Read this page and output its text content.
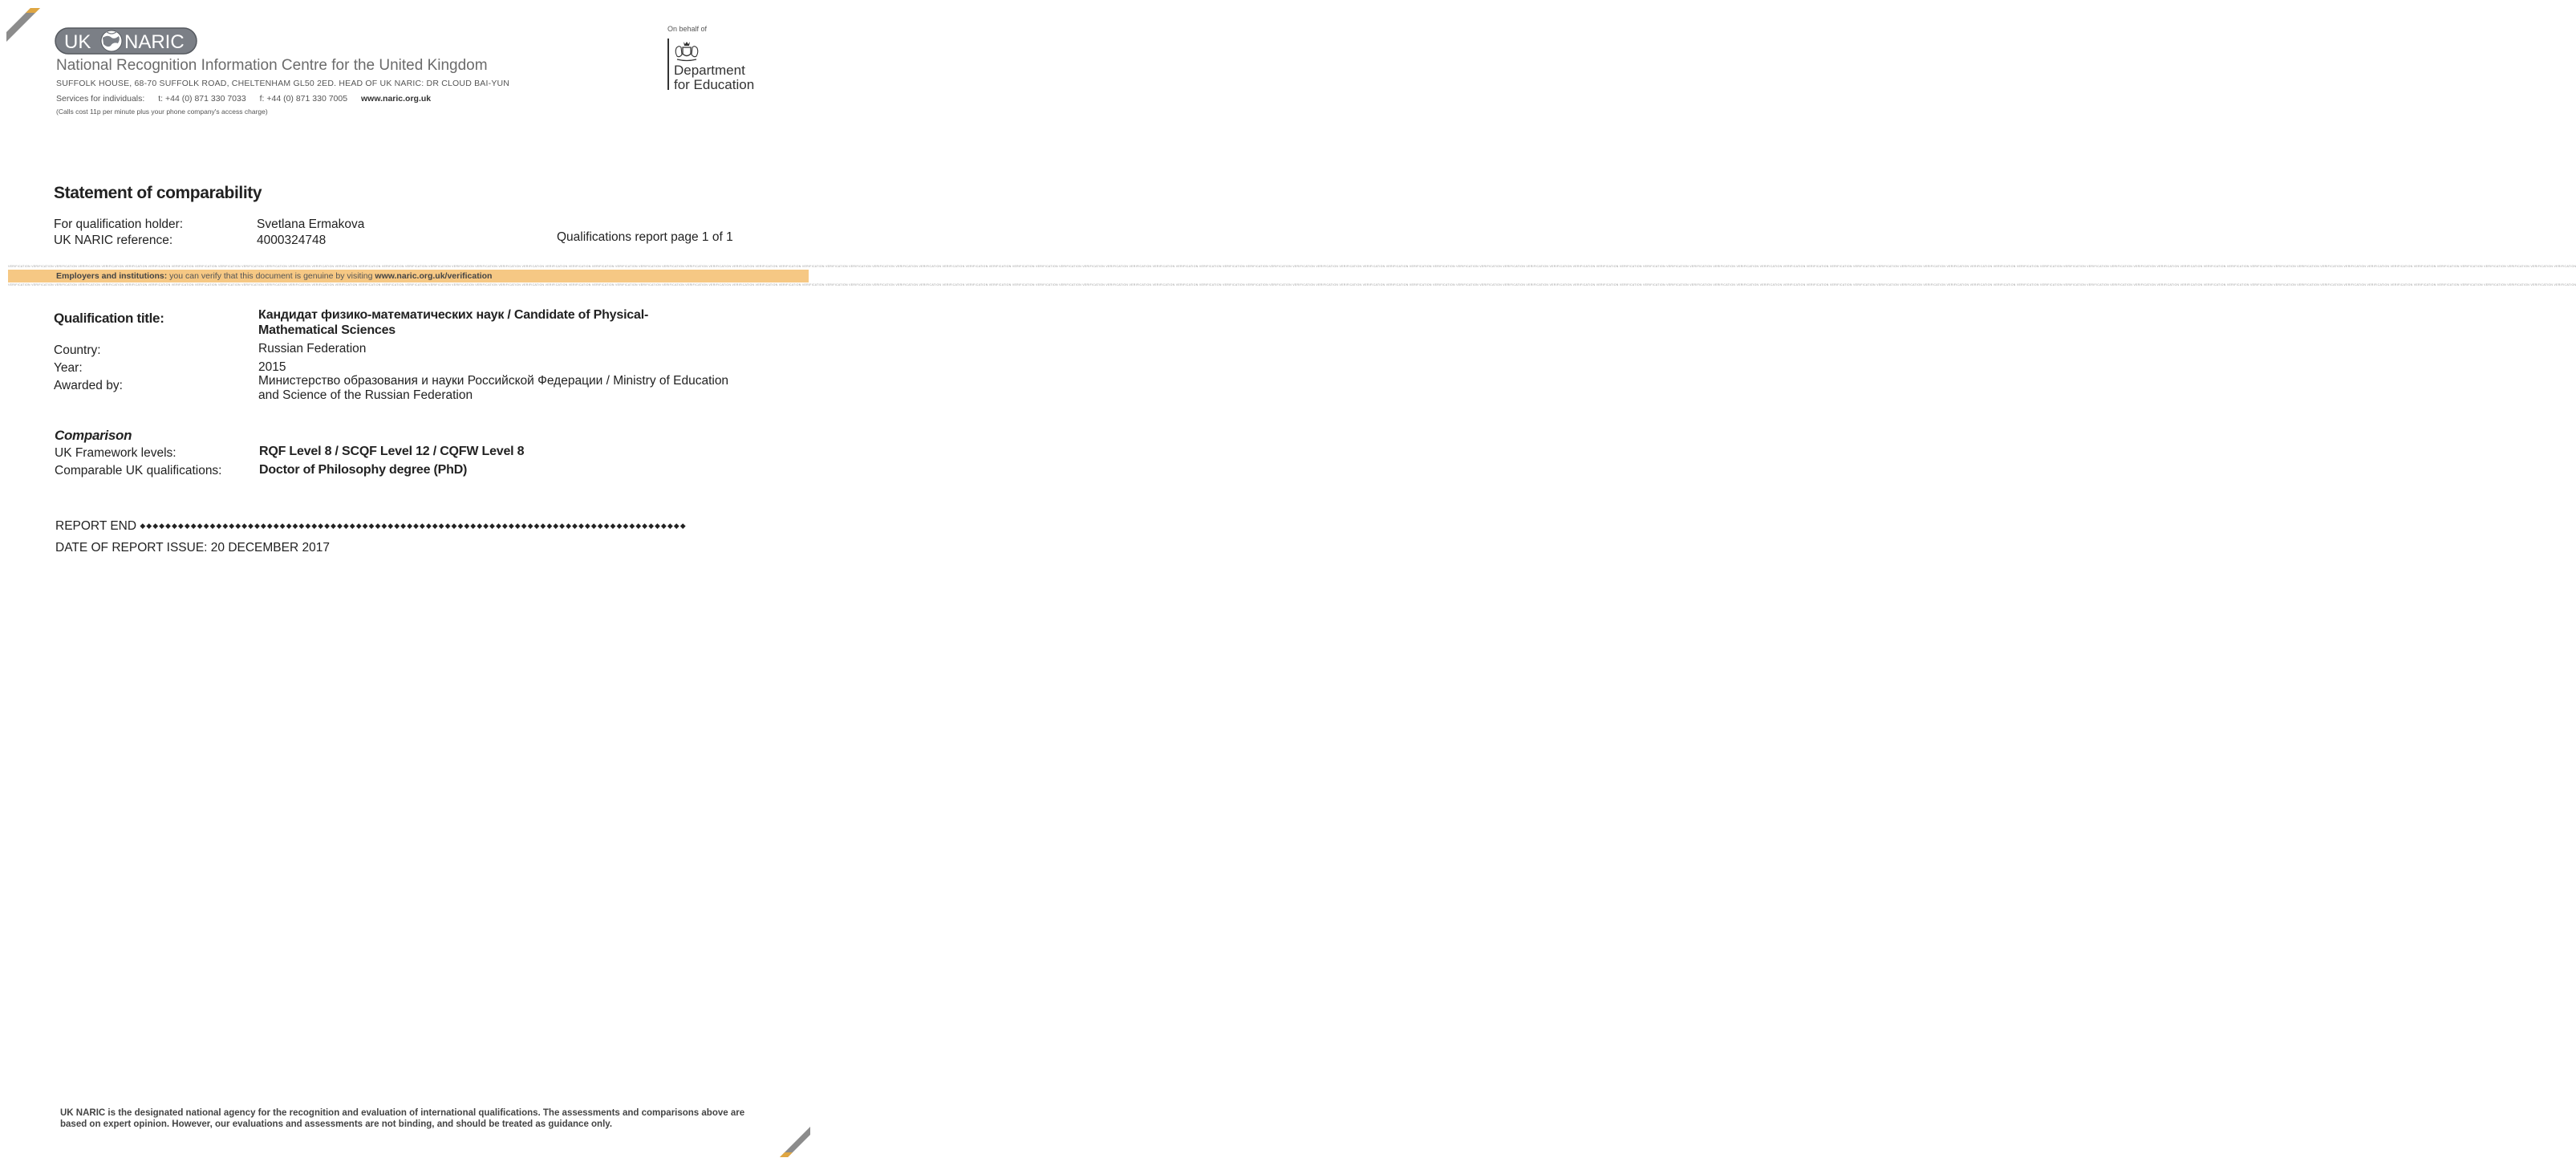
UK NARIC
National Recognition Information Centre for the United Kingdom
SUFFOLK HOUSE, 68-70 SUFFOLK ROAD, CHELTENHAM GL50 2ED. HEAD OF UK NARIC: DR CLOUD BAI-YUN
Services for individuals: t: +44 (0) 871 330 7033 f: +44 (0) 871 330 7005 www.naric.org.uk
(Calls cost 11p per minute plus your phone company's access charge)
On behalf of
Department
for Education
Statement of comparability
For qualification holder:	Svetlana Ermakova
UK NARIC reference:	4000324748	Qualifications report page 1 of 1
VERIFICATION VERIFICATION VERIFICATION VERIFICATION VERIFICATION VERIFICATION VERIFICATION VERIFICATION VERIFICATION VERIFICATION VERIFICATION VERIFICATION VERIFICATION VERIFICATION VERIFICATION VERIFICATION VERIFICATION VERIFICATION VERIFICATION VERIFICATION VERIFICATION VERIFICATION VERIFICATION VERIFICATION VERIFICATION VERIFICATION VERIFICATION VERIFICATION VERIFICATION VERIFICATION VERIFICATION VERIFICATION VERIFICATION VERIFICATION VERIFICATION VERIFICATION VERIFICATION VERIFICATION VERIFICATION VERIFICATION VERIFICATION VERIFICATION VERIFICATION VERIFICATION VERIFICATION VERIFICATION VERIFICATION VERIFICATION VERIFICATION VERIFICATION VERIFICATION VERIFICATION VERIFICATION VERIFICATION VERIFICATION VERIFICATION VERIFICATION VERIFICATION VERIFICATION VERIFICATION VERIFICATION VERIFICATION VERIFICATION VERIFICATION VERIFICATION VERIFICATION VERIFICATION VERIFICATION VERIFICATION VERIFICATION VERIFICATION VERIFICATION VERIFICATION VERIFICATION VERIFICATION VERIFICATION VERIFICATION VERIFICATION VERIFICATION VERIFICATION VERIFICATION VERIFICATION VERIFICATION VERIFICATION VERIFICATION VERIFICATION VERIFICATION VERIFICATION VERIFICATION VERIFICATION VERIFICATION VERIFICATION VERIFICATION VERIFICATION VERIFICATION VERIFICATION VERIFICATION VERIFICATION VERIFICATION VERIFICATION VERIFICATION VERIFICATION VERIFICATION VERIFICATION VERIFICATION VERIFICATION VERIFICATION VERIFICATION VERIFICATION VERIFICATION
Employers and institutions: you can verify that this document is genuine by visiting www.naric.org.uk/verification
VERIFICATION VERIFICATION VERIFICATION VERIFICATION VERIFICATION VERIFICATION VERIFICATION VERIFICATION VERIFICATION VERIFICATION VERIFICATION VERIFICATION VERIFICATION VERIFICATION VERIFICATION VERIFICATION VERIFICATION VERIFICATION VERIFICATION VERIFICATION VERIFICATION VERIFICATION VERIFICATION VERIFICATION VERIFICATION VERIFICATION VERIFICATION VERIFICATION VERIFICATION VERIFICATION VERIFICATION VERIFICATION VERIFICATION VERIFICATION VERIFICATION VERIFICATION VERIFICATION VERIFICATION VERIFICATION VERIFICATION VERIFICATION VERIFICATION VERIFICATION VERIFICATION VERIFICATION VERIFICATION VERIFICATION VERIFICATION VERIFICATION VERIFICATION VERIFICATION VERIFICATION VERIFICATION VERIFICATION VERIFICATION VERIFICATION VERIFICATION VERIFICATION VERIFICATION VERIFICATION VERIFICATION VERIFICATION VERIFICATION VERIFICATION VERIFICATION VERIFICATION VERIFICATION VERIFICATION VERIFICATION VERIFICATION VERIFICATION VERIFICATION VERIFICATION VERIFICATION VERIFICATION VERIFICATION VERIFICATION VERIFICATION VERIFICATION VERIFICATION VERIFICATION VERIFICATION VERIFICATION VERIFICATION VERIFICATION VERIFICATION VERIFICATION VERIFICATION VERIFICATION VERIFICATION VERIFICATION VERIFICATION VERIFICATION VERIFICATION VERIFICATION VERIFICATION VERIFICATION VERIFICATION VERIFICATION VERIFICATION VERIFICATION VERIFICATION VERIFICATION VERIFICATION VERIFICATION VERIFICATION VERIFICATION VERIFICATION VERIFICATION VERIFICATION
Qualification title:	Кандидат физико-математических наук / Candidate of Physical-Mathematical Sciences
Country:	Russian Federation
Year:	2015
Awarded by:	Министерство образования и науки Российской Федерации / Ministry of Education and Science of the Russian Federation
Comparison
UK Framework levels:	RQF Level 8 / SCQF Level 12 / CQFW Level 8
Comparable UK qualifications:	Doctor of Philosophy degree (PhD)
REPORT END ◆◆◆◆◆◆◆◆◆◆◆◆◆◆◆◆◆◆◆◆◆◆◆◆◆◆◆◆◆◆◆◆◆◆◆◆◆◆◆◆◆◆◆◆◆◆◆◆◆◆◆◆◆◆◆◆◆◆◆◆◆◆◆◆◆◆◆◆◆◆◆◆◆◆◆◆◆◆◆◆◆◆◆◆◆◆
DATE OF REPORT ISSUE: 20 DECEMBER 2017
UK NARIC is the designated national agency for the recognition and evaluation of international qualifications. The assessments and comparisons above are based on expert opinion. However, our evaluations and assessments are not binding, and should be treated as guidance only.
